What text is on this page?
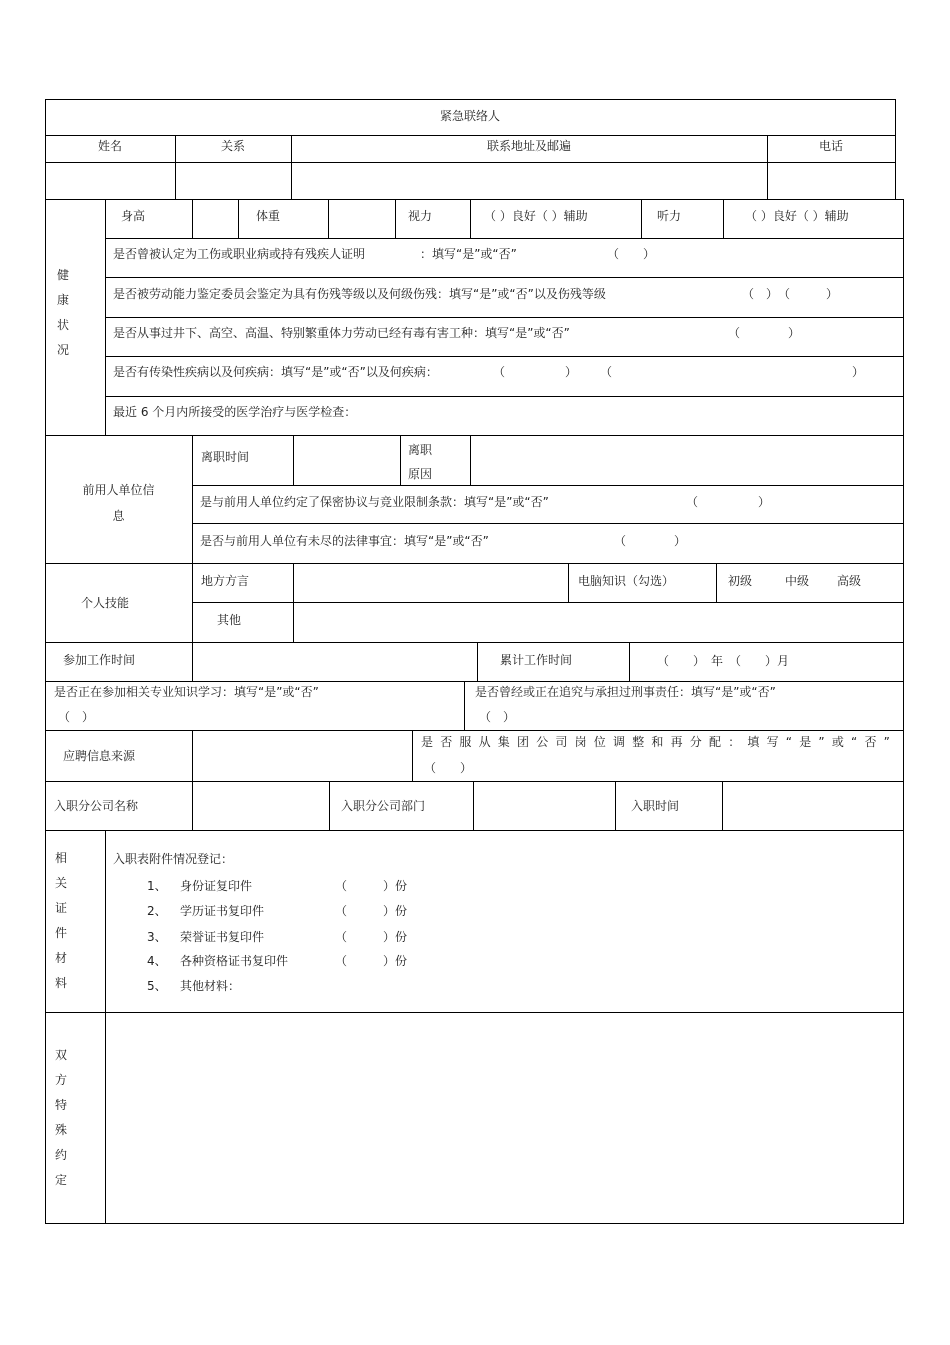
紧急联络人
姓名	关系	联系地址及邮遍	电话
健
康
状
况
身高	体重	视力	（ ）良好（ ）辅助	听力	（ ）良好（ ）辅助
是否曾被认定为工伤或职业病或持有残疾人证明	：填写“是”或“否”	（　　）
是否被劳动能力鉴定委员会鉴定为具有伤残等级以及何级伤残：填写“是”或“否”以及伤残等级	（　）　（　　　）
是否从事过井下、高空、高温、特别繁重体力劳动已经有毒有害工种：填写“是”或“否”	（　　　　）
是否有传染性疾病以及何疾病：填写“是”或“否”以及何疾病：	（　　　　　） （	）
最近 6 个月内所接受的医学治疗与医学检查：
前用人单位信
息
离职时间	离职
原因
是与前用人单位约定了保密协议与竞业限制条款：填写“是”或“否”	（　　　　　）
是否与前用人单位有未尽的法律事宜：填写“是”或“否”	（　　　　）
个人技能
地方方言	电脑知识（勾选）	初级	中级 高级
其他
参加工作时间	累计工作时间	（　　）　年　（　　）月
是否正在参加相关专业知识学习：填写“是”或“否”
（　）
是否曾经或正在追究与承担过刑事责任：填写“是”或“否”
（　）
应聘信息来源
是否服从集团公司岗位调整和再分配：填写“是”或“否”
（　　）
入职分公司名称	入职分公司部门	入职时间
相
关
证
件
材
料
入职表附件情况登记：
1、 身份证复印件	（　　　）份
2、 学历证书复印件	（　　　）份
3、 荣誉证书复印件	（　　　）份
4、 各种资格证书复印件	（　　　）份
5、 其他材料：
双
方
特
殊
约
定
